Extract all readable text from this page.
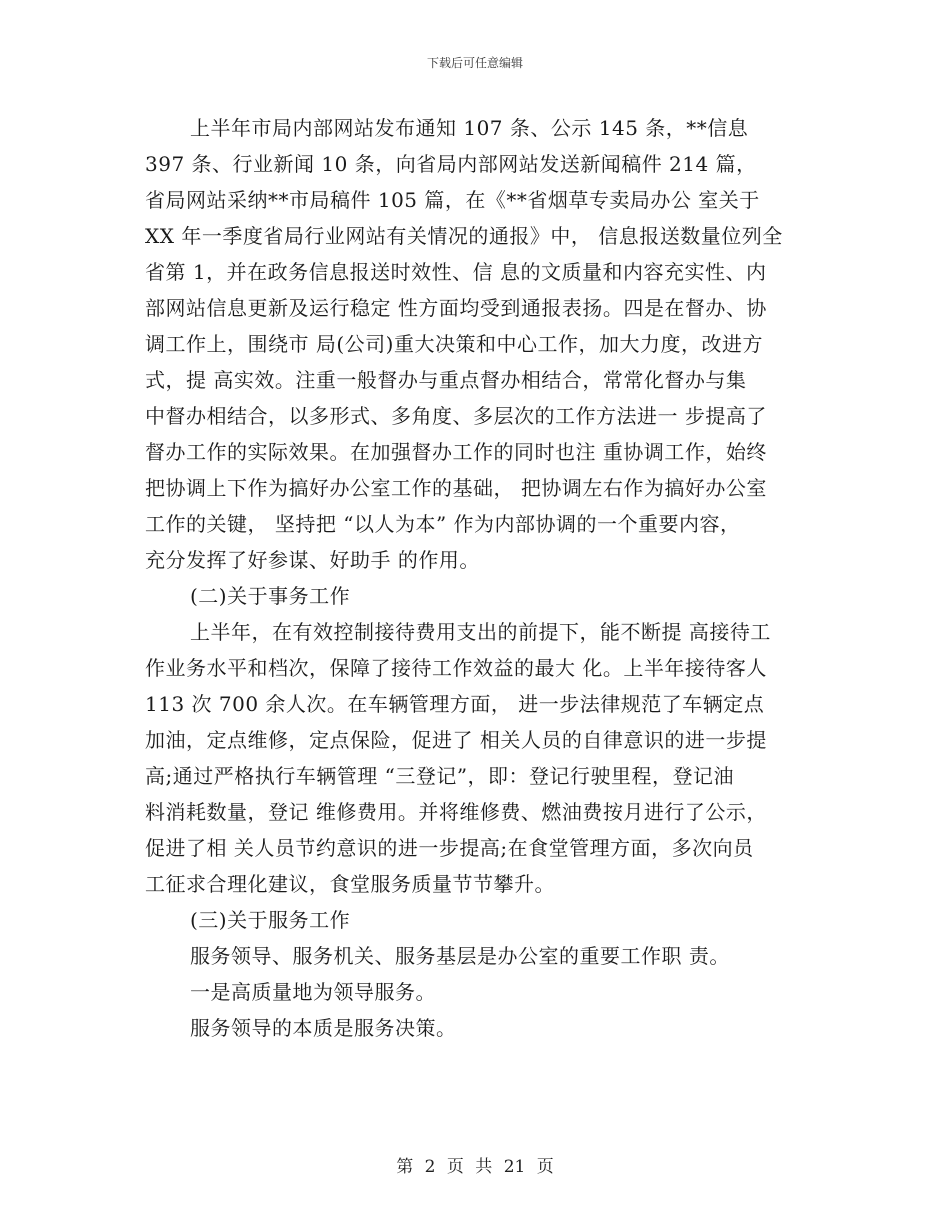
下载后可任意编辑
上半年市局内部网站发布通知 107 条、公示 145 条，**信息
397 条、行业新闻 10 条，向省局内部网站发送新闻稿件 214 篇，
省局网站采纳**市局稿件 105 篇，在《**省烟草专卖局办公 室关于
XX 年一季度省局行业网站有关情况的通报》中， 信息报送数量位列全
省第 1，并在政务信息报送时效性、信 息的文质量和内容充实性、内
部网站信息更新及运行稳定 性方面均受到通报表扬。四是在督办、协
调工作上，围绕市 局(公司)重大决策和中心工作，加大力度，改进方
式，提 高实效。注重一般督办与重点督办相结合，常常化督办与集
中督办相结合，以多形式、多角度、多层次的工作方法进一 步提高了
督办工作的实际效果。在加强督办工作的同时也注 重协调工作，始终
把协调上下作为搞好办公室工作的基础， 把协调左右作为搞好办公室
工作的关键， 坚持把 “以人为本” 作为内部协调的一个重要内容，
充分发挥了好参谋、好助手 的作用。
(二)关于事务工作
上半年，在有效控制接待费用支出的前提下，能不断提 高接待工
作业务水平和档次，保障了接待工作效益的最大 化。上半年接待客人
113 次 700 余人次。在车辆管理方面， 进一步法律规范了车辆定点
加油，定点维修，定点保险，促进了 相关人员的自律意识的进一步提
高;通过严格执行车辆管理 “三登记”，即：登记行驶里程，登记油
料消耗数量，登记 维修费用。并将维修费、燃油费按月进行了公示，
促进了相 关人员节约意识的进一步提高;在食堂管理方面，多次向员
工征求合理化建议，食堂服务质量节节攀升。
(三)关于服务工作
服务领导、服务机关、服务基层是办公室的重要工作职 责。
一是高质量地为领导服务。
服务领导的本质是服务决策。
第 2 页 共 21 页
